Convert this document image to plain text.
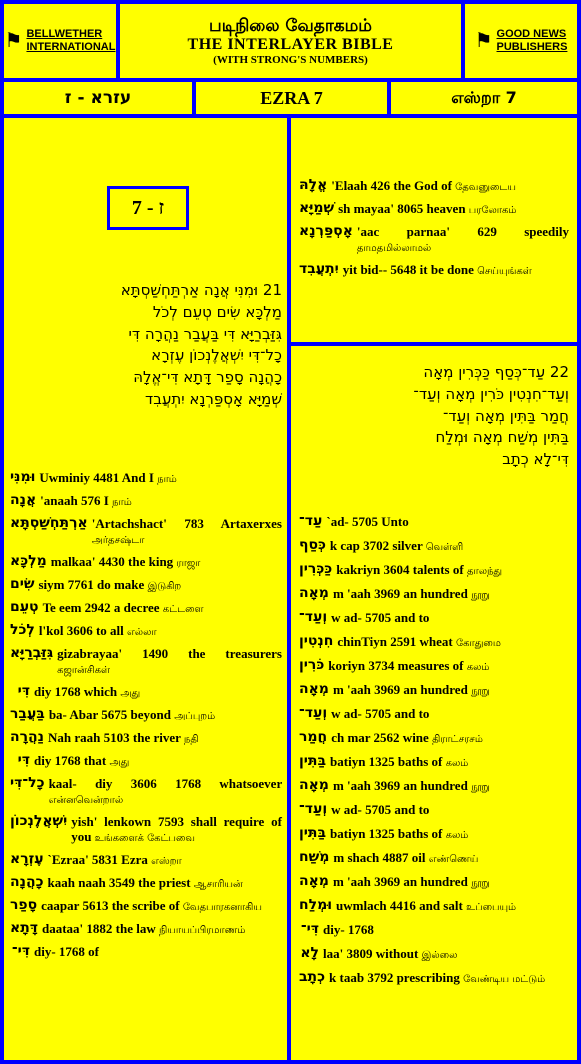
⚑ BELLWETHER
INTERNATIONAL
படிநிலை வேதாகமம்
THE INTERLAYER BIBLE
(WITH STRONG'S NUMBERS)
⚑ GOOD NEWS
PUBLISHERS
עזרא - ז	EZRA 7	எஸ்றா 7
ז - 7
21 וּמִנִּי אֲנָה אַרְתַּחְשַׁסְתָּא
מַלְכָּא שִׂים טְעֵם לְכֹל
גִּזַּבְרַיָּא דִּי בַּעֲבַר נַהֲרָה דִּי
כָל־דִּי יִשְׁאֲלֶנְכוֹן עֶזְרָא
כָהֲנָה סָפַר דָּתָא דִּי־אֱלָהּ
שְׁמַיָּא אָסְפַּרְנָא יִתְעֲבִד
וּמִנִּי Uwminiy 4481 And I நாம்
אֲנָה 'anaah 576 I நாம்
אַרְתַּחְשַׁסְתָּא 'Artachshact' 783 Artaxerxes அர்தசஷ்டா
מַלְכָּא malkaa' 4430 the king ராஜா
שִׂים siym 7761 do make இடுகிற
טְעֵם Te eem 2942 a decree கட்டளை
לְכֹל l'kol 3606 to all எல்லா
גִּזַּבְרַיָּא gizabrayaa' 1490 the treasurers கஜான்சிகள்
דִּי diy 1768 which அது
בַּעֲבַר ba- Abar 5675 beyond அப்புறம்
נַהֲרָה Nah raah 5103 the river நதி
דִּי diy 1768 that அது
כָל־דִּי kaal- diy 3606 1768 whatsoever என்னவென்றால்
יִשְׁאֲלֶנְכוֹן yish' lenkown 7593 shall require of you உங்களைக் கேட்பவை
עֶזְרָא `Ezraa' 5831 Ezra எஸ்றா
כָהֲנָה kaah naah 3549 the priest ஆசாரியன்
סָפַר caapar 5613 the scribe of வேதபாரகனாகிய
דָּתָא daataa' 1882 the law நியாயப்பிரமாணம்
דִּי־ diy- 1768 of
אֱלָהּ 'Elaah 426 the God of தேவனுடைய
שְׁמַיָּא sh mayaa' 8065 heaven பரலோகம்
אָסְפַּרְנָא 'aac parnaa' 629 speedily தாமதமில்லாமல்
יִתְעֲבִד yit bid-- 5648 it be done செய்யுங்கள்
22 עַד־כְּסַף כַּכְּרִין מְאָה
וְעַד־חִנְטִין כֹּרִין מְאָה וְעַד־
חֲמַר בַּתִּין מְאָה וְעַד־
בַּתִּין מְשַׁח מְאָה וּמְלַח
דִּי־לָא כְתָב
עַד־ `ad- 5705 Unto
כְּסַף k cap 3702 silver வெள்ளி
כַּכְּרִין kakriyn 3604 talents of தாலந்து
מְאָה m 'aah 3969 an hundred நூறு
וְעַד־ w ad- 5705 and to
חִנְטִין chinTiyn 2591 wheat கோதுமை
כֹּרִין koriyn 3734 measures of கலம்
מְאָה m 'aah 3969 an hundred நூறு
וְעַד־ w ad- 5705 and to
חֲמַר ch mar 2562 wine திராட்சரசம்
בַּתִּין batiyn 1325 baths of கலம்
מְאָה m 'aah 3969 an hundred நூறு
וְעַד־ w ad- 5705 and to
בַּתִּין batiyn 1325 baths of கலம்
מְשַׁח m shach 4887 oil எண்ணெய்
מְאָה m 'aah 3969 an hundred நூறு
וּמְלַח uwmlach 4416 and salt உப்பையும்
דִּי־ diy- 1768
לָא laa' 3809 without இல்லை
כְתָב k taab 3792 prescribing வேண்டிய மட்டும்
